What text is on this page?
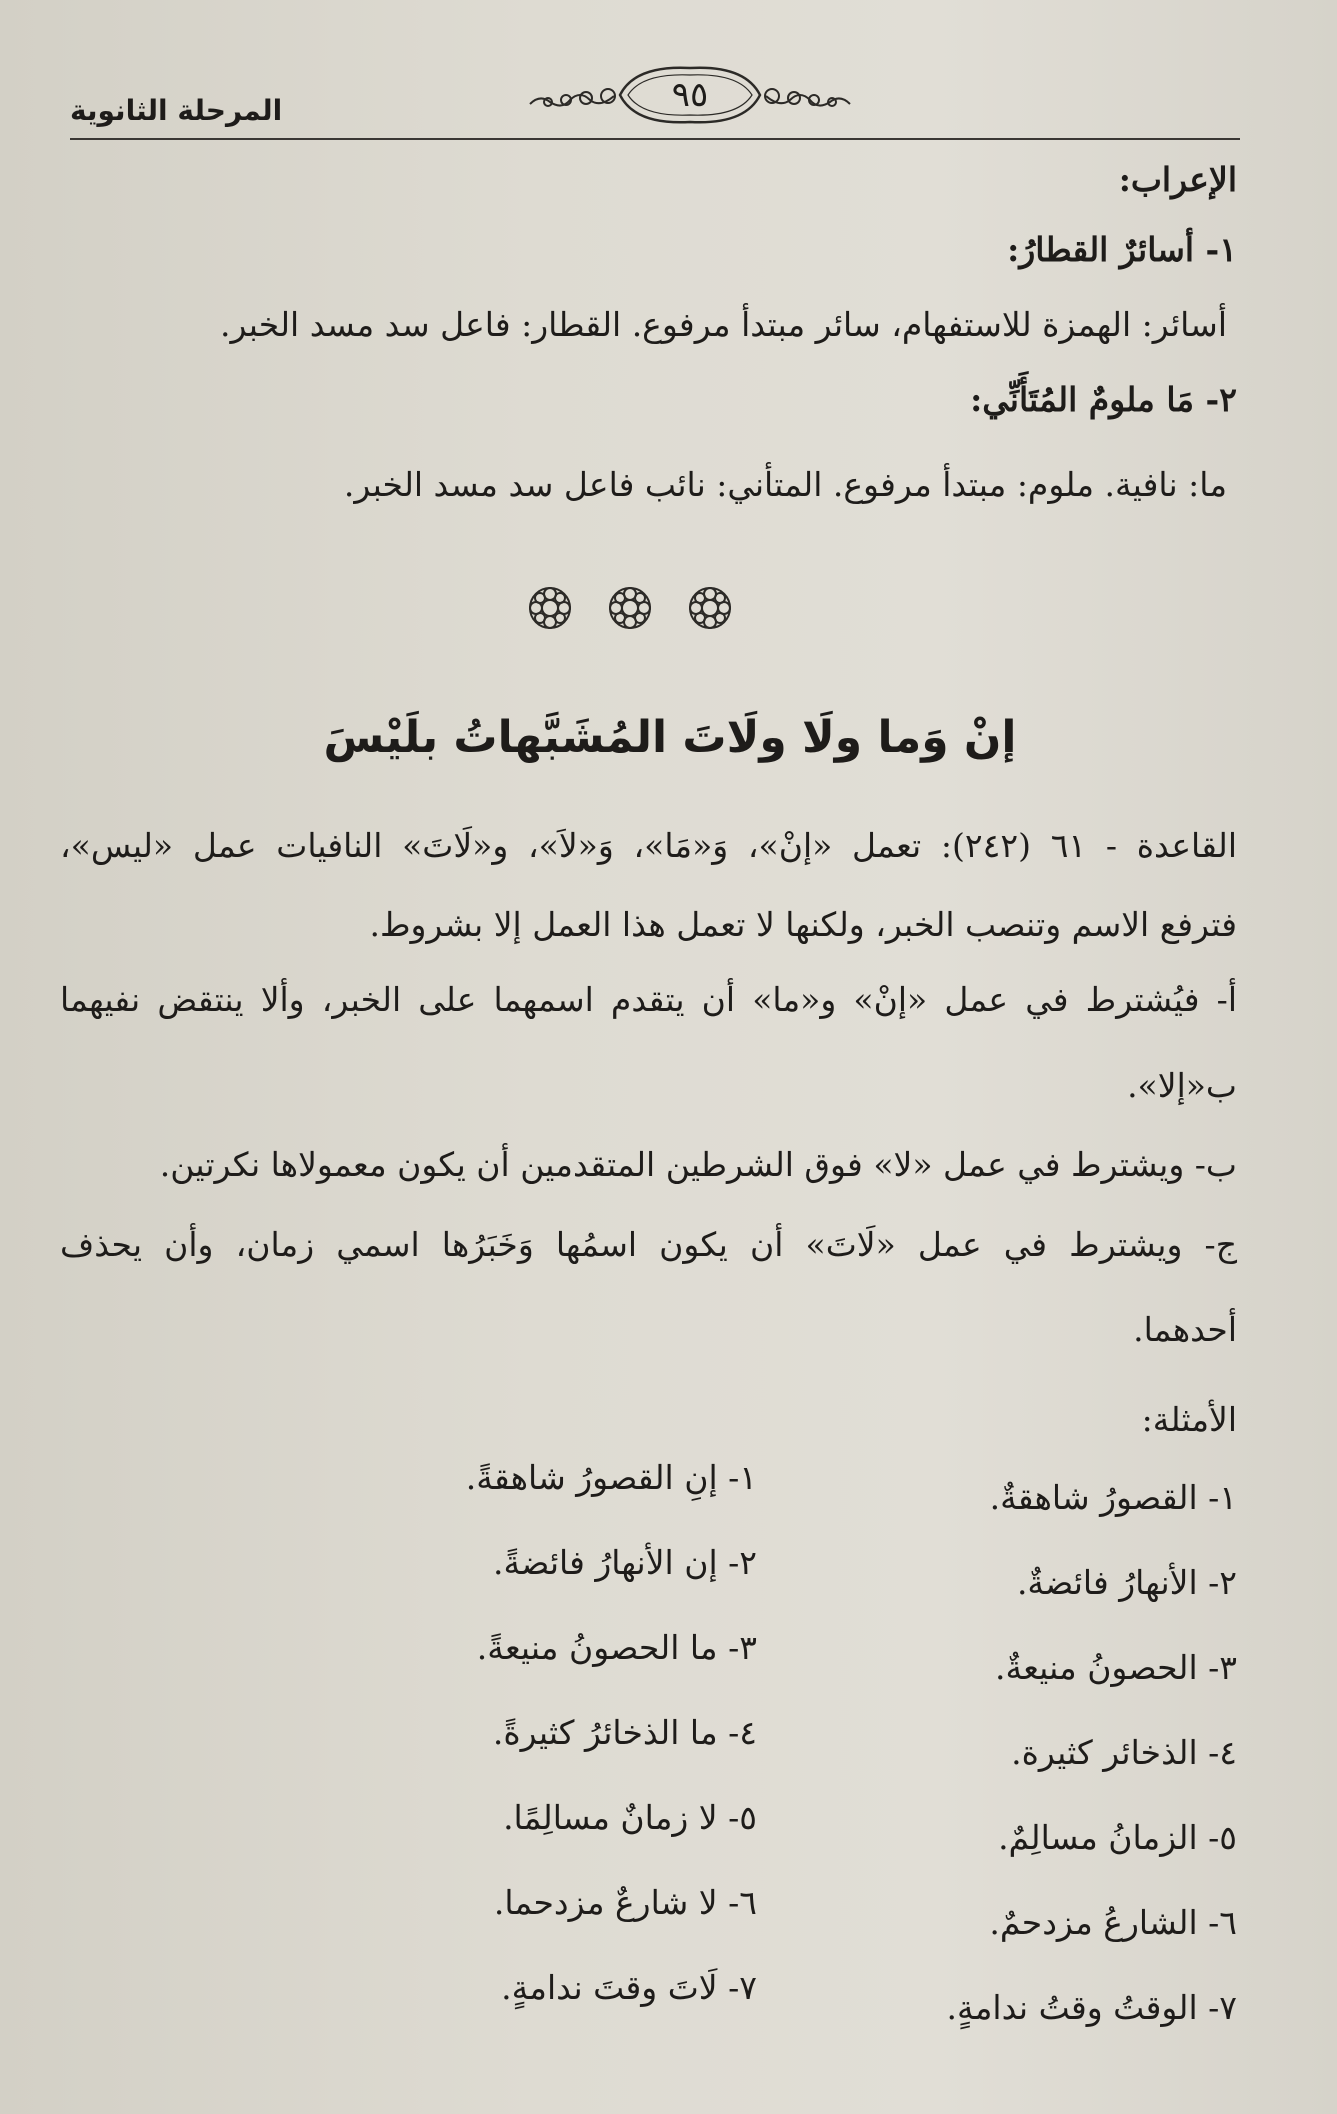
المرحلة الثانوية	٩٥
الإعراب:
١- أسائرٌ القطارُ:
أسائر: الهمزة للاستفهام، سائر مبتدأ مرفوع. القطار: فاعل سد مسد الخبر.
٢- مَا ملومٌ المُتَأَنِّي:
ما: نافية. ملوم: مبتدأ مرفوع. المتأني: نائب فاعل سد مسد الخبر.
إنْ وَما ولَا ولَاتَ المُشَبَّهاتُ بلَيْسَ
القاعدة - ٦١ (٢٤٢): تعمل «إنْ»، وَ«مَا»، وَ«لاَ»، و«لَاتَ» النافيات عمل «ليس»،
فترفع الاسم وتنصب الخبر، ولكنها لا تعمل هذا العمل إلا بشروط.
أ- فيُشترط في عمل «إنْ» و«ما» أن يتقدم اسمهما على الخبر، وألا ينتقض نفيهما
ب«إلا».
ب- ويشترط في عمل «لا» فوق الشرطين المتقدمين أن يكون معمولاها نكرتين.
ج- ويشترط في عمل «لَاتَ» أن يكون اسمُها وَخَبَرُها اسمي زمان، وأن يحذف
أحدهما.
الأمثلة:
١- القصورُ شاهقةٌ.
١- إنِ القصورُ شاهقةً.
٢- الأنهارُ فائضةٌ.
٢- إن الأنهارُ فائضةً.
٣- الحصونُ منيعةٌ.
٣- ما الحصونُ منيعةً.
٤- الذخائر كثيرة.
٤- ما الذخائرُ كثيرةً.
٥- الزمانُ مسالِمٌ.
٥- لا زمانٌ مسالِمًا.
٦- الشارعُ مزدحمٌ.
٦- لا شارعٌ مزدحما.
٧- الوقتُ وقتُ ندامةٍ.
٧- لَاتَ وقتَ ندامةٍ.
